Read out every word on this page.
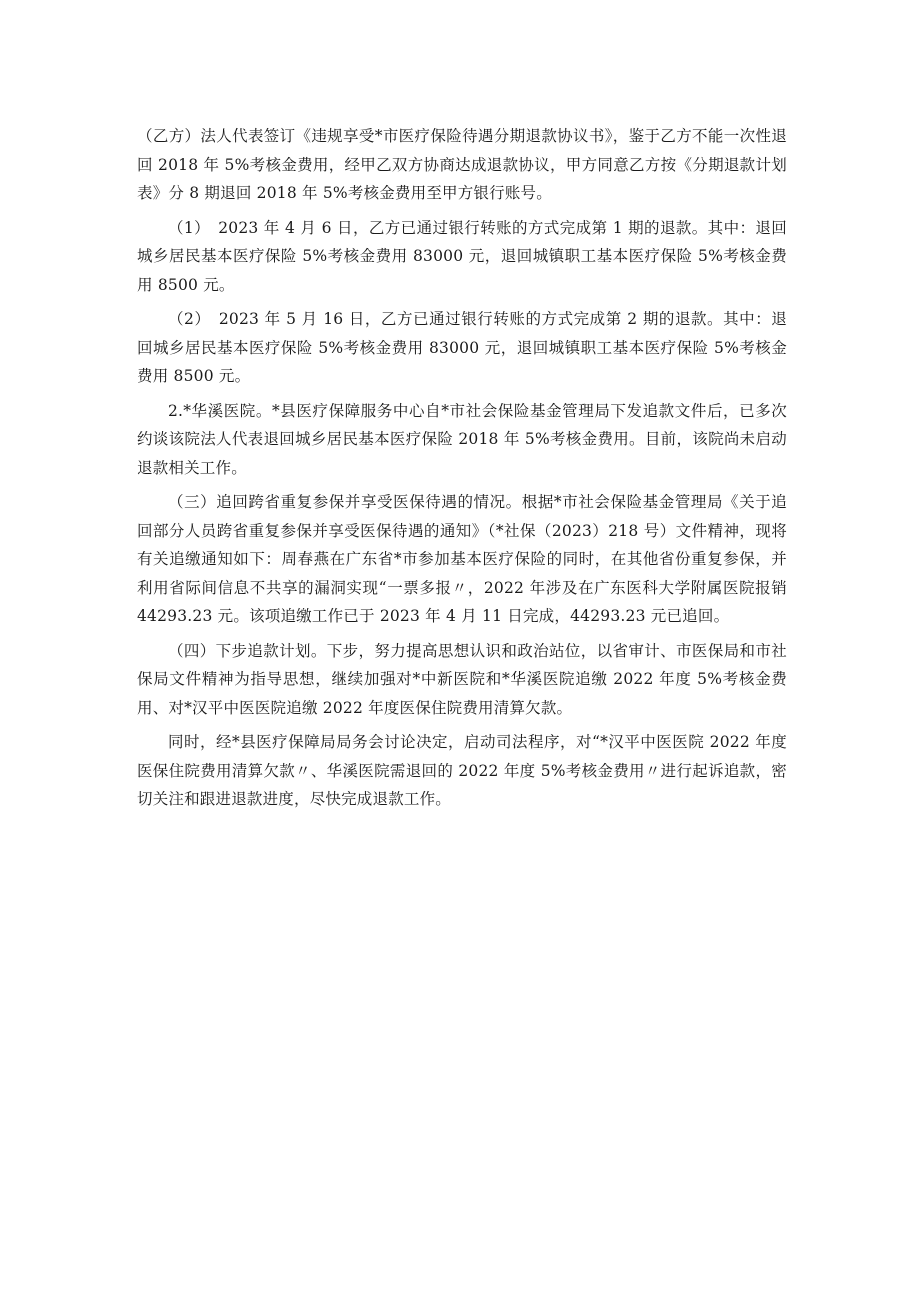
（乙方）法人代表签订《违规享受*市医疗保险待遇分期退款协议书》，鉴于乙方不能一次性退回 2018 年 5%考核金费用，经甲乙双方协商达成退款协议，甲方同意乙方按《分期退款计划表》分 8 期退回 2018 年 5%考核金费用至甲方银行账号。

（1）　2023 年 4 月 6 日，乙方已通过银行转账的方式完成第 1 期的退款。其中：退回城乡居民基本医疗保险 5%考核金费用 83000 元，退回城镇职工基本医疗保险 5%考核金费用 8500 元。

（2）　2023 年 5 月 16 日，乙方已通过银行转账的方式完成第 2 期的退款。其中：退回城乡居民基本医疗保险 5%考核金费用 83000 元，退回城镇职工基本医疗保险 5%考核金费用 8500 元。

2.*华溪医院。*县医疗保障服务中心自*市社会保险基金管理局下发追款文件后，已多次约谈该院法人代表退回城乡居民基本医疗保险 2018 年 5%考核金费用。目前，该院尚未启动退款相关工作。

（三）追回跨省重复参保并享受医保待遇的情况。根据*市社会保险基金管理局《关于追回部分人员跨省重复参保并享受医保待遇的通知》（*社保（2023）218 号）文件精神，现将有关追缴通知如下：周春燕在广东省*市参加基本医疗保险的同时，在其他省份重复参保，并利用省际间信息不共享的漏洞实现“一票多报〃，2022 年涉及在广东医科大学附属医院报销 44293.23 元。该项追缴工作已于 2023 年 4 月 11 日完成，44293.23 元已追回。

（四）下步追款计划。下步，努力提高思想认识和政治站位，以省审计、市医保局和市社保局文件精神为指导思想，继续加强对*中新医院和*华溪医院追缴 2022 年度 5%考核金费用、对*汉平中医医院追缴 2022 年度医保住院费用清算欠款。

同时，经*县医疗保障局局务会讨论决定，启动司法程序，对“*汉平中医医院 2022 年度医保住院费用清算欠款〃、华溪医院需退回的 2022 年度 5%考核金费用〃进行起诉追款，密切关注和跟进退款进度，尽快完成退款工作。
